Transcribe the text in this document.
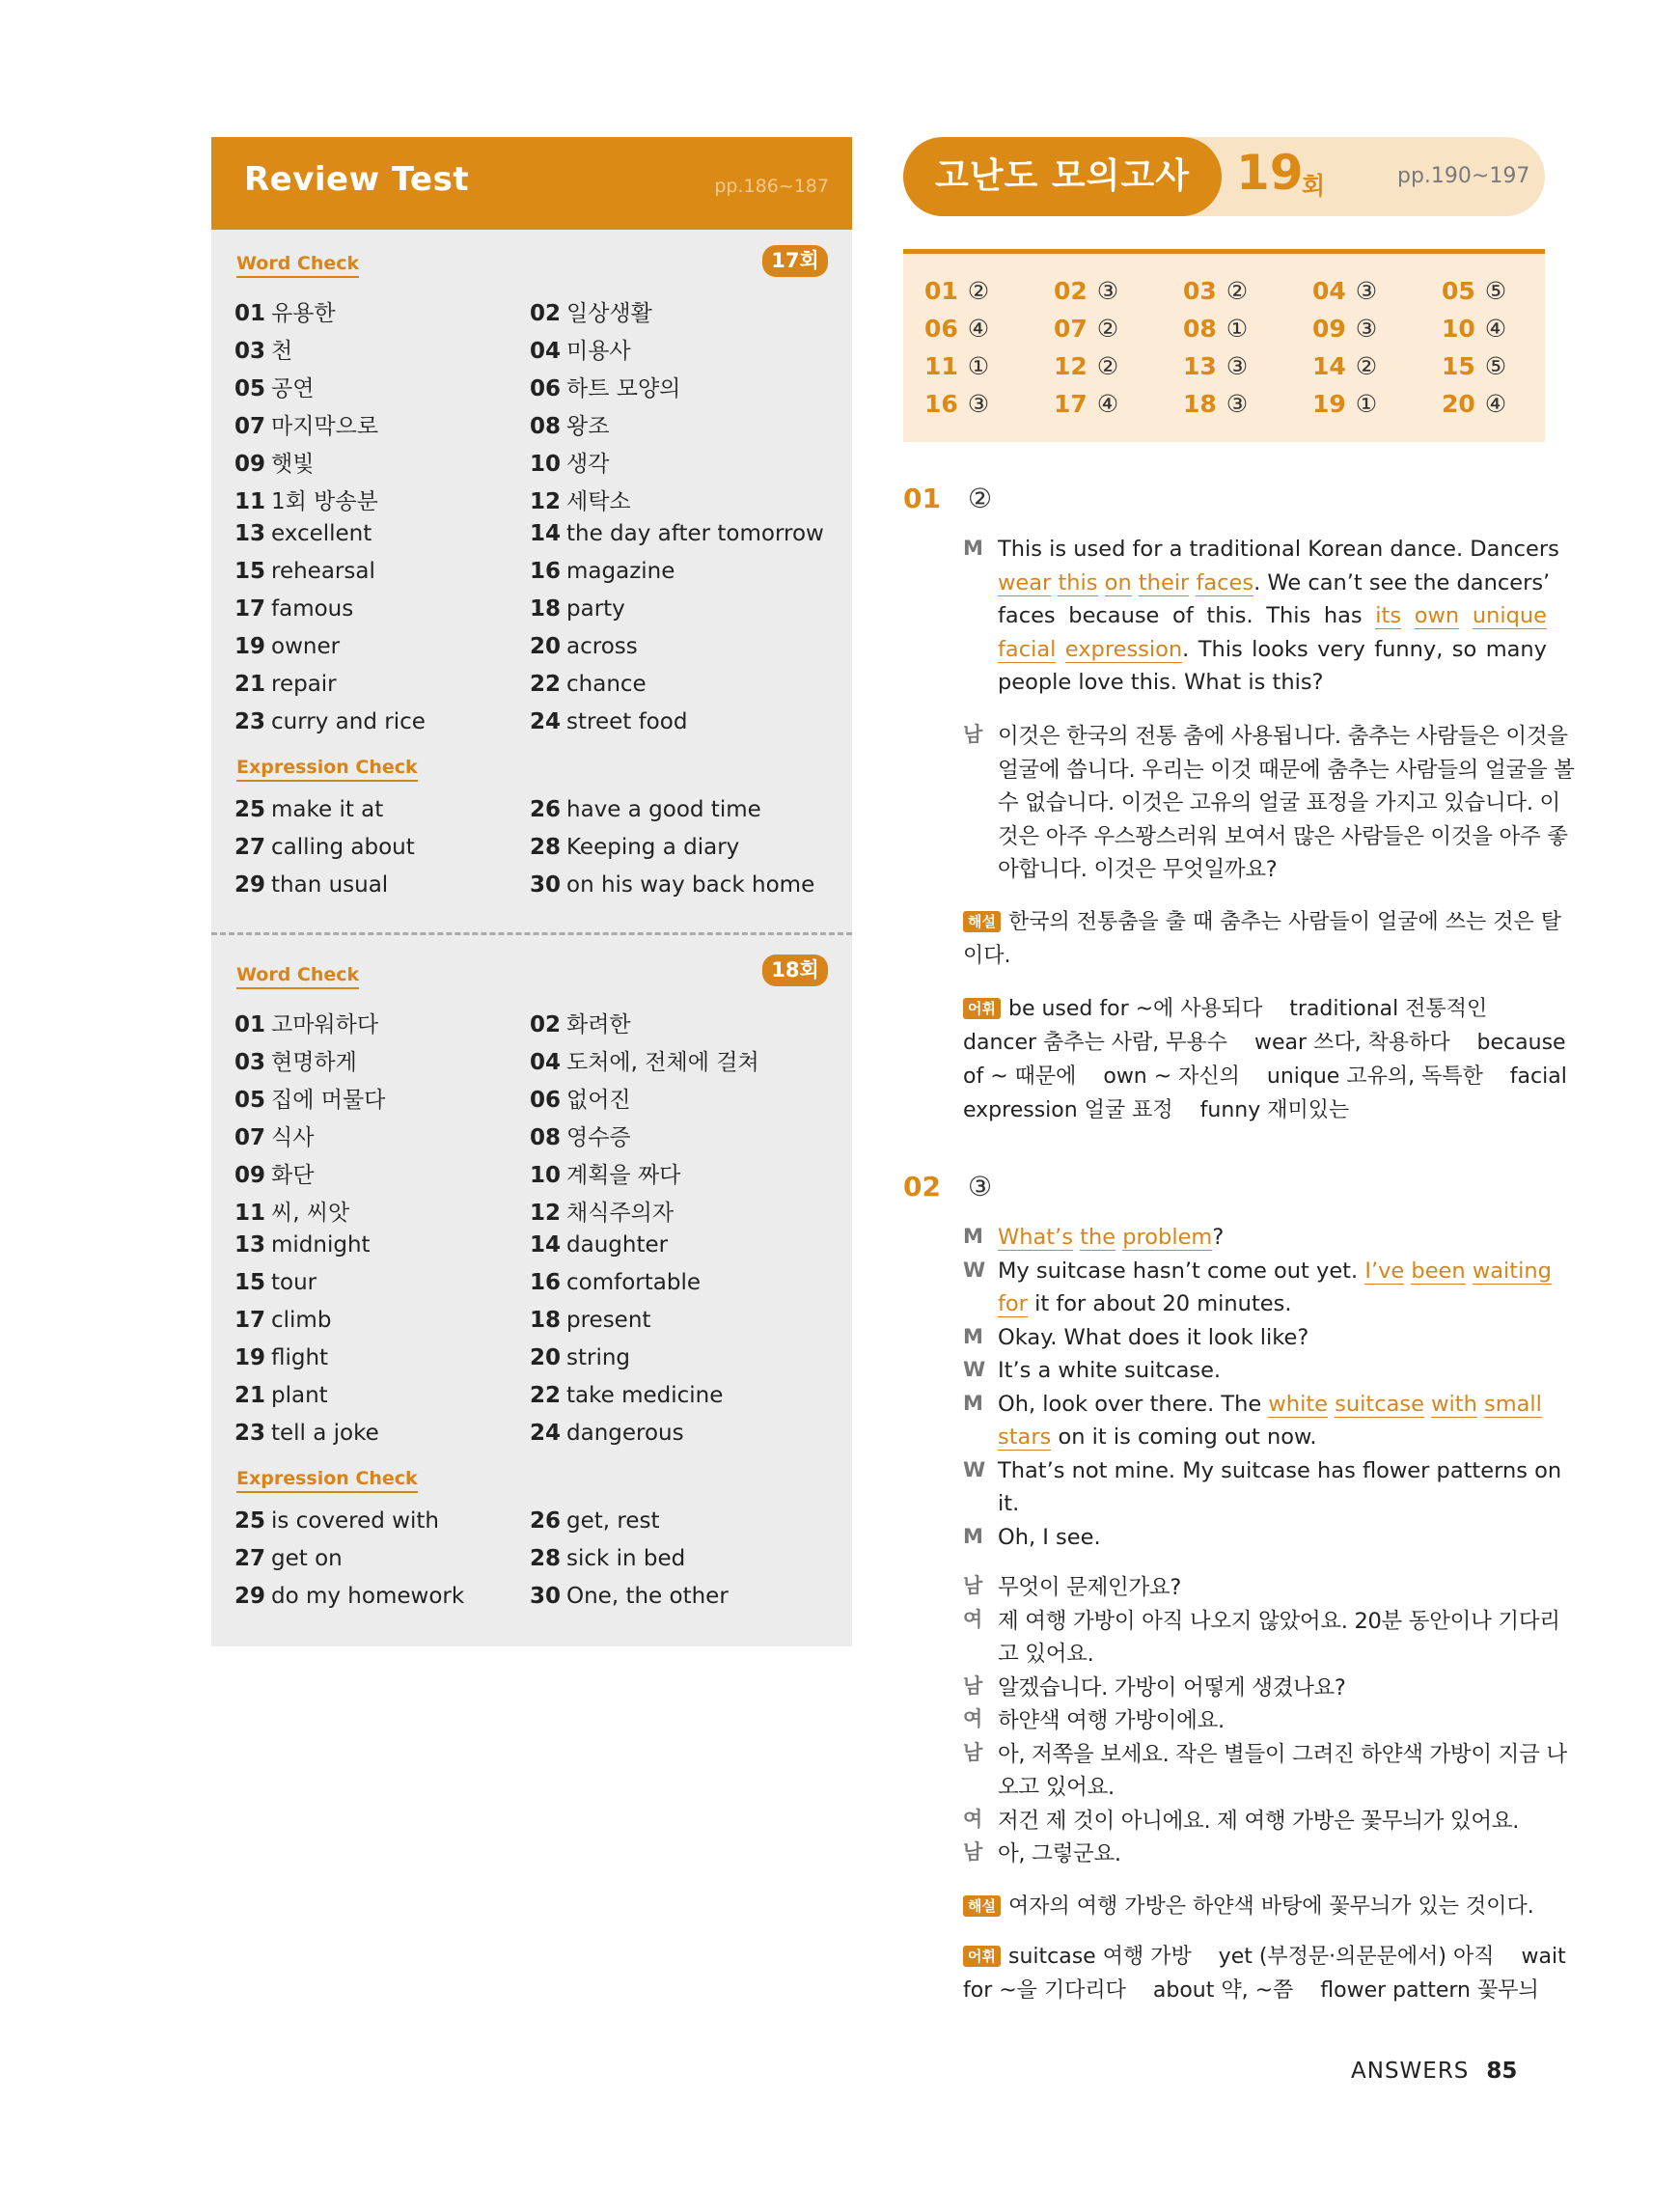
Review Test	pp.186~187
Word Check	17회
01 유용한	02 일상생활
03 천	04 미용사
05 공연	06 하트 모양의
07 마지막으로	08 왕조
09 햇빛	10 생각
11 1회 방송분	12 세탁소
13 excellent	14 the day after tomorrow
15 rehearsal	16 magazine
17 famous	18 party
19 owner	20 across
21 repair	22 chance
23 curry and rice	24 street food
Expression Check
25 make it at	26 have a good time
27 calling about	28 Keeping a diary
29 than usual	30 on his way back home
Word Check	18회
01 고마워하다	02 화려한
03 현명하게	04 도처에, 전체에 걸쳐
05 집에 머물다	06 없어진
07 식사	08 영수증
09 화단	10 계획을 짜다
11 씨, 씨앗	12 채식주의자
13 midnight	14 daughter
15 tour	16 comfortable
17 climb	18 present
19 flight	20 string
21 plant	22 take medicine
23 tell a joke	24 dangerous
Expression Check
25 is covered with	26 get, rest
27 get on	28 sick in bed
29 do my homework	30 One, the other
고난도 모의고사 19
회	pp.190~197
01 ②	02 ③	03 ②	04 ③	05 ⑤
06 ④	07 ②	08 ①	09 ③	10 ④
11 ①	12 ②	13 ③	14 ②	15 ⑤
16 ③	17 ④	18 ③	19 ①	20 ④
01 ②
M This is used for a traditional Korean dance. Dancers
wear this on their faces. We can’t see the dancers’
faces because of this. This has its own unique
facial expression. This looks very funny, so many
people love this. What is this?
남 이것은 한국의 전통 춤에 사용됩니다. 춤추는 사람들은 이것을
얼굴에 씁니다. 우리는 이것 때문에 춤추는 사람들의 얼굴을 볼
수 없습니다. 이것은 고유의 얼굴 표정을 가지고 있습니다. 이
것은 아주 우스꽝스러워 보여서 많은 사람들은 이것을 아주 좋
아합니다. 이것은 무엇일까요?
해설 한국의 전통춤을 출 때 춤추는 사람들이 얼굴에 쓰는 것은 탈
이다.
어휘 be used for ~에 사용되다    traditional 전통적인
dancer 춤추는 사람, 무용수    wear 쓰다, 착용하다    because
of ~ 때문에    own ~ 자신의    unique 고유의, 독특한    facial
expression 얼굴 표정    funny 재미있는
02 ③
M What’s the problem?
W My suitcase hasn’t come out yet. I’ve been waiting
for it for about 20 minutes.
M Okay. What does it look like?
W It’s a white suitcase.
M Oh, look over there. The white suitcase with small
stars on it is coming out now.
W That’s not mine. My suitcase has flower patterns on
it.
M Oh, I see.
남 무엇이 문제인가요?
여 제 여행 가방이 아직 나오지 않았어요. 20분 동안이나 기다리
고 있어요.
남 알겠습니다. 가방이 어떻게 생겼나요?
여 하얀색 여행 가방이에요.
남 아, 저쪽을 보세요. 작은 별들이 그려진 하얀색 가방이 지금 나
오고 있어요.
여 저건 제 것이 아니에요. 제 여행 가방은 꽃무늬가 있어요.
남 아, 그렇군요.
해설 여자의 여행 가방은 하얀색 바탕에 꽃무늬가 있는 것이다.
어휘 suitcase 여행 가방    yet (부정문·의문문에서) 아직    wait
for ~을 기다리다    about 약, ~쯤    flower pattern 꽃무늬
ANSWERS 85
